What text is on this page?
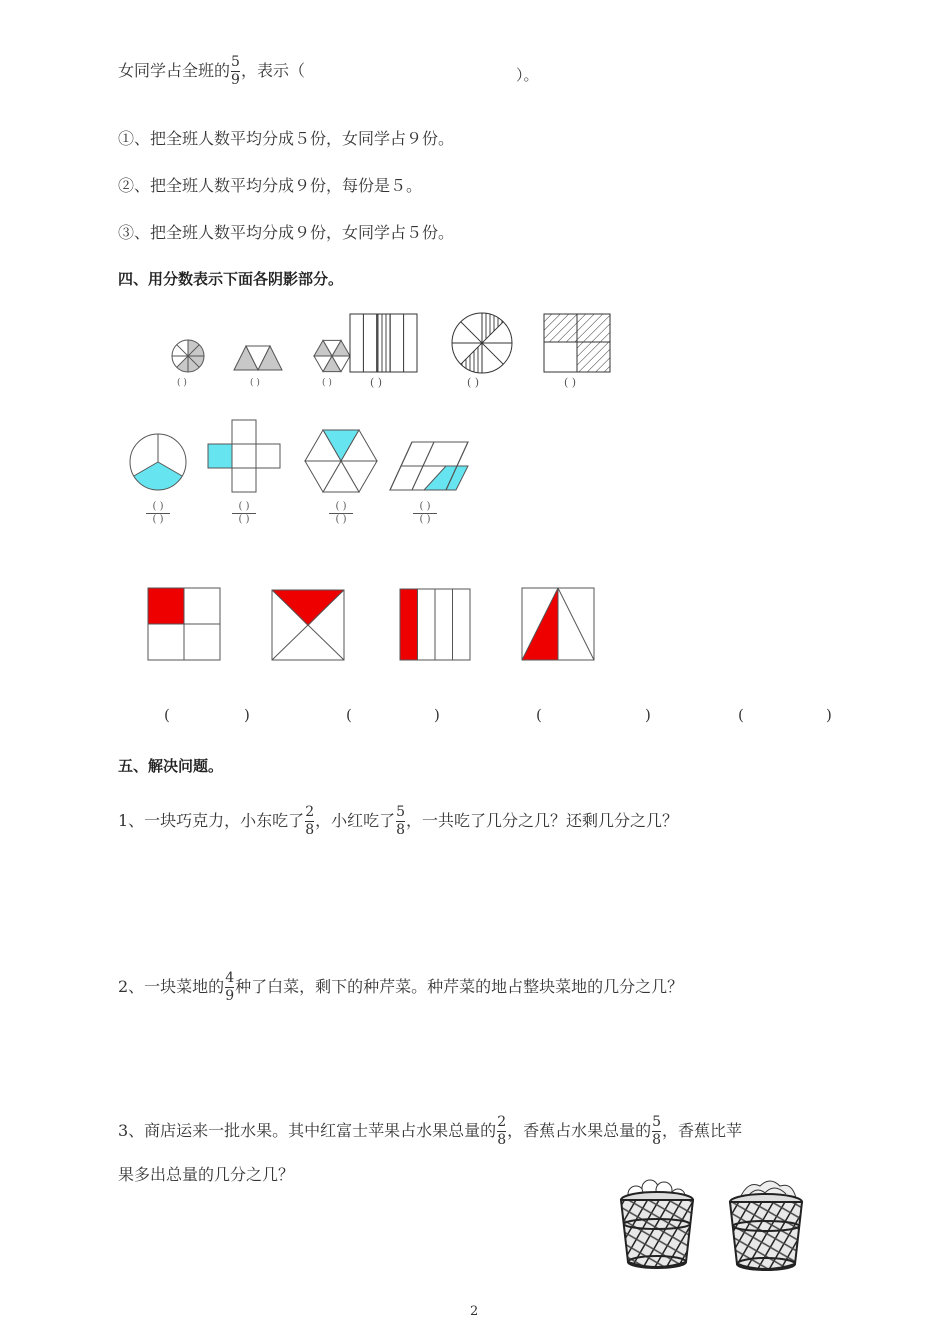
女同学占全班的 $\frac{5}{9}$ ，表示（	）。
①、把全班人数平均分成５份，女同学占９份。
②、把全班人数平均分成９份，每份是５。
③、把全班人数平均分成９份，女同学占５份。
四、用分数表示下面各阴影部分。
( )	( )	( )	( )	( )	( )
( )
( )
( )
( )
( )
( )
( )
( )
(	)	(	)	(	)	(	)
五、解决问题。
1、一块巧克力，小东吃了 $\frac{2}{8}$ ，小红吃了 $\frac{5}{8}$ ，一共吃了几分之几？还剩几分之几？
2、一块菜地的 $\frac{4}{9}$ 种了白菜，剩下的种芹菜。种芹菜的地占整块菜地的几分之几？
3、商店运来一批水果。其中红富士苹果占水果总量的 $\frac{2}{8}$ ，香蕉占水果总量的 $\frac{5}{8}$ ，香蕉比苹
果多出总量的几分之几？
2
